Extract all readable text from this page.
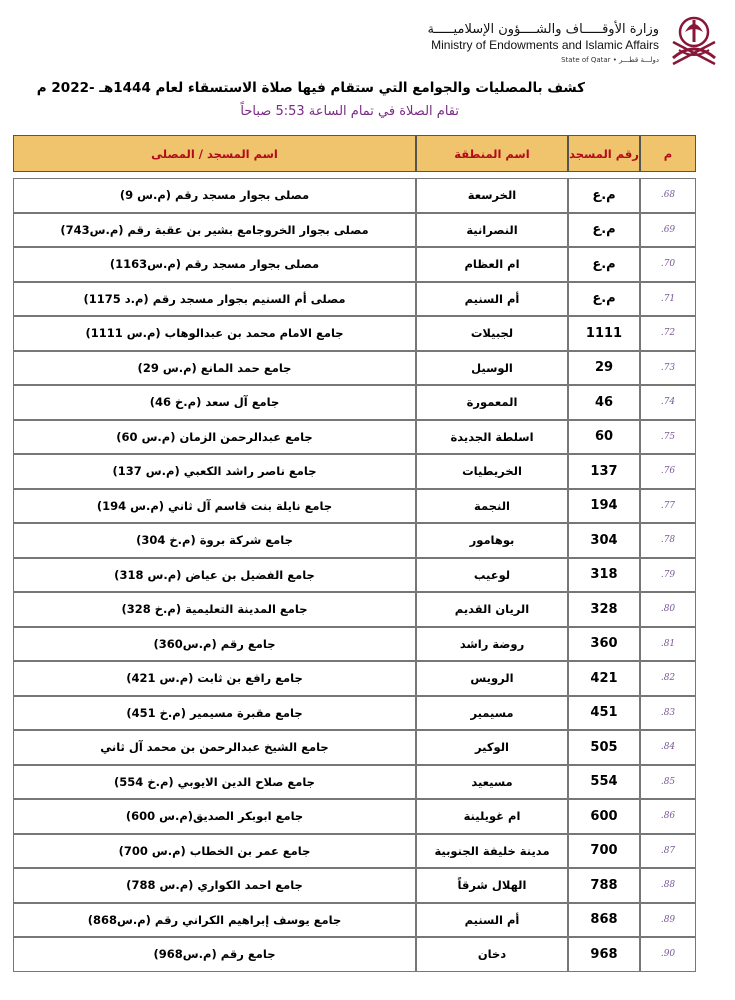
وزارة الأوقـــــاف والشــــؤون الإسلاميـــــة
Ministry of Endowments and Islamic Affairs
State of Qatar • دولـــة قطـــر
كشف بالمصليات والجوامع التي ستقام فيها صلاة الاستسقاء لعام 1444هـ -2022 م
تقام الصلاة في تمام الساعة 5:53 صباحاً
م	رقم المسجد	اسم المنطقة	اسم المسجد / المصلى

.68	م.ع	الخرسعة	مصلى بجوار مسجد رقم (م.س 9)
.69	م.ع	النصرانية	مصلى بجوار الخروجامع بشير بن عقبة رقم (م.س743)
.70	م.ع	ام العظام	مصلى بجوار مسجد رقم (م.س1163)
.71	م.ع	أم السنيم	مصلى أم السنيم بجوار مسجد رقم (م.د 1175)
.72	1111	لجبيلات	جامع الامام محمد بن عبدالوهاب (م.س 1111)
.73	29	الوسيل	جامع حمد المانع (م.س 29)
.74	46	المعمورة	جامع آل سعد (م.خ 46)
.75	60	اسلطة الجديدة	جامع عبدالرحمن الزمان (م.س 60)
.76	137	الخريطيات	جامع ناصر راشد الكعبي (م.س 137)
.77	194	النجمة	جامع نايلة بنت قاسم آل ثاني (م.س 194)
.78	304	بوهامور	جامع شركة بروة (م.خ 304)
.79	318	لوعيب	جامع الفضيل بن عياض (م.س 318)
.80	328	الريان القديم	جامع المدينة التعليمية (م.خ 328)
.81	360	روضة راشد	جامع رقم (م.س360)
.82	421	الرويس	جامع رافع بن ثابت (م.س 421)
.83	451	مسيمير	جامع مقبرة مسيمير (م.خ 451)
.84	505	الوكير	جامع الشيخ عبدالرحمن بن محمد آل ثاني
.85	554	مسيعيد	جامع صلاح الدين الايوبي (م.خ 554)
.86	600	ام غويلينة	جامع ابوبكر الصديق(م.س 600)
.87	700	مدينة خليفة الجنوبية	جامع عمر بن الخطاب (م.س 700)
.88	788	الهلال شرقاً	جامع احمد الكواري (م.س 788)
.89	868	أم السنيم	جامع يوسف إبراهيم الكراني رقم (م.س868)
.90	968	دخان	جامع رقم (م.س968)
